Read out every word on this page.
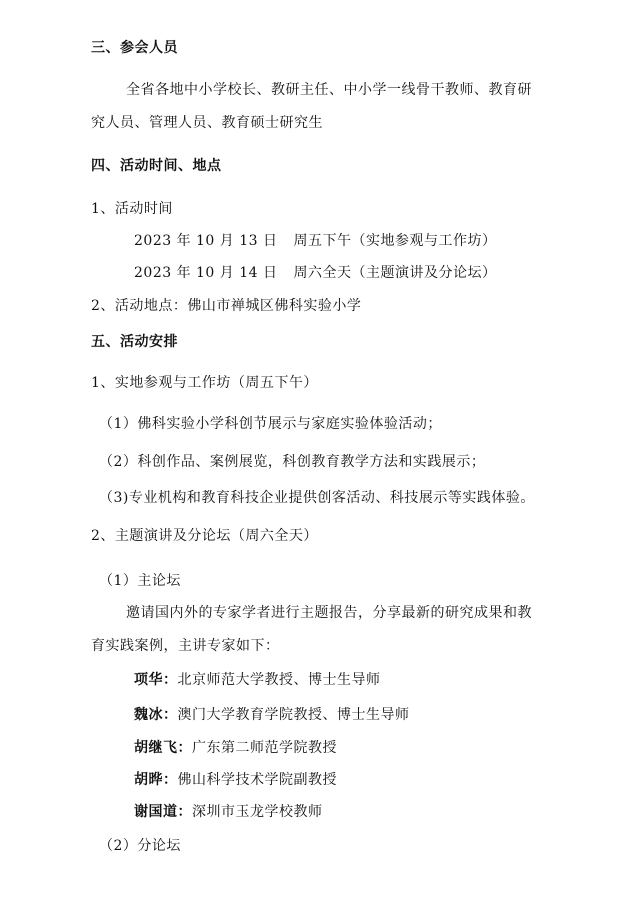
三、参会人员
全省各地中小学校长、教研主任、中小学一线骨干教师、教育研
究人员、管理人员、教育硕士研究生
四、活动时间、地点
1、活动时间
2023 年 10 月 13 日 周五下午（实地参观与工作坊）
2023 年 10 月 14 日 周六全天（主题演讲及分论坛）
2、活动地点：佛山市禅城区佛科实验小学
五、活动安排
1、实地参观与工作坊（周五下午）
（1）佛科实验小学科创节展示与家庭实验体验活动；
（2）科创作品、案例展览，科创教育教学方法和实践展示；
（3)专业机构和教育科技企业提供创客活动、科技展示等实践体验。
2、主题演讲及分论坛（周六全天）
（1）主论坛
邀请国内外的专家学者进行主题报告，分享最新的研究成果和教
育实践案例，主讲专家如下：
项华：北京师范大学教授、博士生导师
魏冰：澳门大学教育学院教授、博士生导师
胡继飞：广东第二师范学院教授
胡晔：佛山科学技术学院副教授
谢国道：深圳市玉龙学校教师
（2）分论坛
